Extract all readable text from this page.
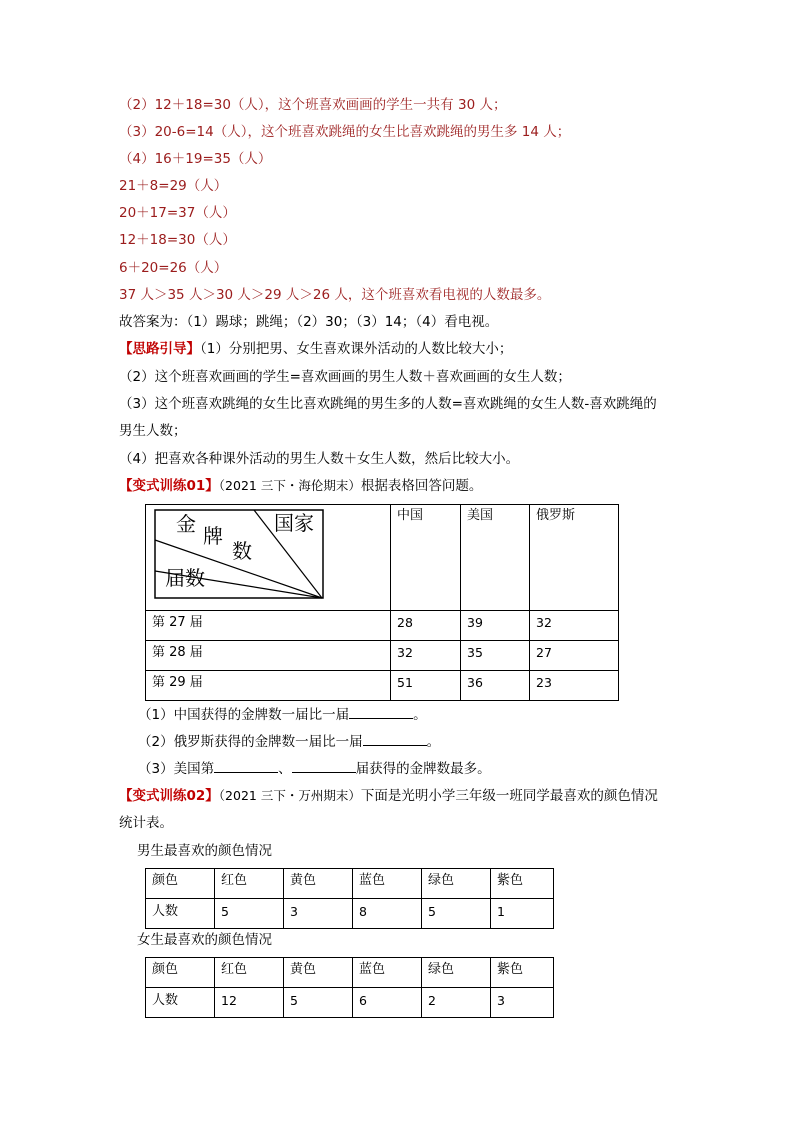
（2）12＋18=30（人），这个班喜欢画画的学生一共有 30 人；
（3）20-6=14（人），这个班喜欢跳绳的女生比喜欢跳绳的男生多 14 人；
（4）16＋19=35（人）
21＋8=29（人）
20＋17=37（人）
12＋18=30（人）
6＋20=26（人）
37 人＞35 人＞30 人＞29 人＞26 人，这个班喜欢看电视的人数最多。
故答案为：（1）踢球；跳绳；（2）30；（3）14；（4）看电视。
【思路引导】（1）分别把男、女生喜欢课外活动的人数比较大小；
（2）这个班喜欢画画的学生=喜欢画画的男生人数＋喜欢画画的女生人数；
（3）这个班喜欢跳绳的女生比喜欢跳绳的男生多的人数=喜欢跳绳的女生人数-喜欢跳绳的
男生人数；
（4）把喜欢各种课外活动的男生人数＋女生人数，然后比较大小。
【变式训练01】（2021 三下・海伦期末）根据表格回答问题。
金 牌
数
国家
届数	中国	美国	俄罗斯
第 27 届	28	39	32
第 28 届	32	35	27
第 29 届	51	36	23
（1）中国获得的金牌数一届比一届	。
（2）俄罗斯获得的金牌数一届比一届	。
（3）美国第	、	届获得的金牌数最多。
【变式训练02】（2021 三下・万州期末）下面是光明小学三年级一班同学最喜欢的颜色情况
统计表。
男生最喜欢的颜色情况
颜色	红色	黄色	蓝色	绿色	紫色
人数	5	3	8	5	1
女生最喜欢的颜色情况
颜色	红色	黄色	蓝色	绿色	紫色
人数	12	5	6	2	3
